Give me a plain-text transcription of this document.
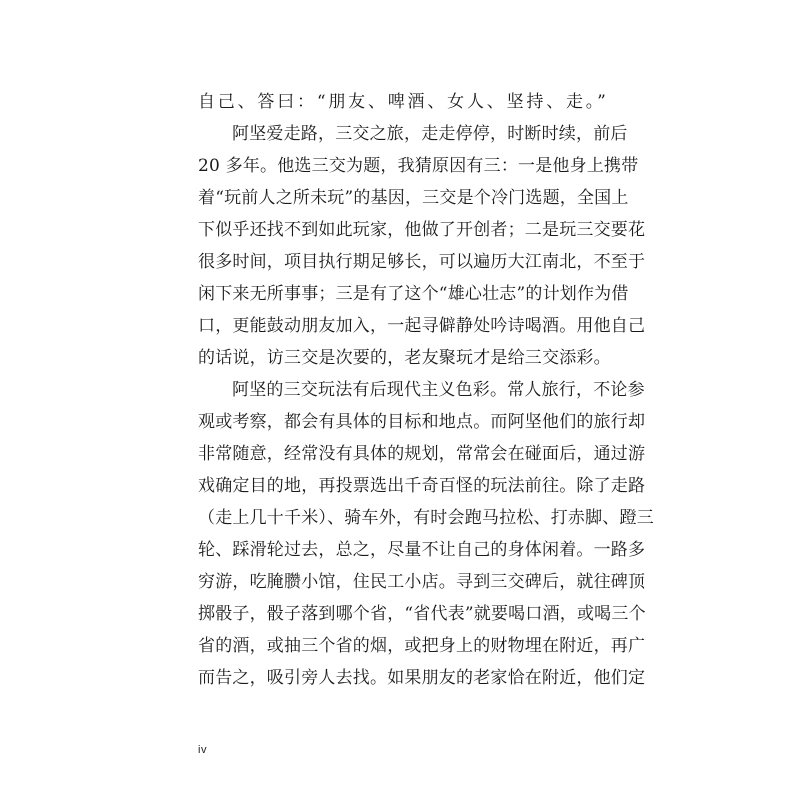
自己、答曰：“朋友、啤酒、女人、坚持、走。”
阿坚爱走路，三交之旅，走走停停，时断时续，前后
20 多年。他选三交为题，我猜原因有三：一是他身上携带
着“玩前人之所未玩”的基因，三交是个冷门选题，全国上
下似乎还找不到如此玩家，他做了开创者；二是玩三交要花
很多时间，项目执行期足够长，可以遍历大江南北，不至于
闲下来无所事事；三是有了这个“雄心壮志”的计划作为借
口，更能鼓动朋友加入，一起寻僻静处吟诗喝酒。用他自己
的话说，访三交是次要的，老友聚玩才是给三交添彩。
阿坚的三交玩法有后现代主义色彩。常人旅行，不论参
观或考察，都会有具体的目标和地点。而阿坚他们的旅行却
非常随意，经常没有具体的规划，常常会在碰面后，通过游
戏确定目的地，再投票选出千奇百怪的玩法前往。除了走路
（走上几十千米）、骑车外，有时会跑马拉松、打赤脚、蹬三
轮、踩滑轮过去，总之，尽量不让自己的身体闲着。一路多
穷游，吃腌臜小馆，住民工小店。寻到三交碑后，就往碑顶
掷骰子，骰子落到哪个省，“省代表”就要喝口酒，或喝三个
省的酒，或抽三个省的烟，或把身上的财物埋在附近，再广
而告之，吸引旁人去找。如果朋友的老家恰在附近，他们定
iv
